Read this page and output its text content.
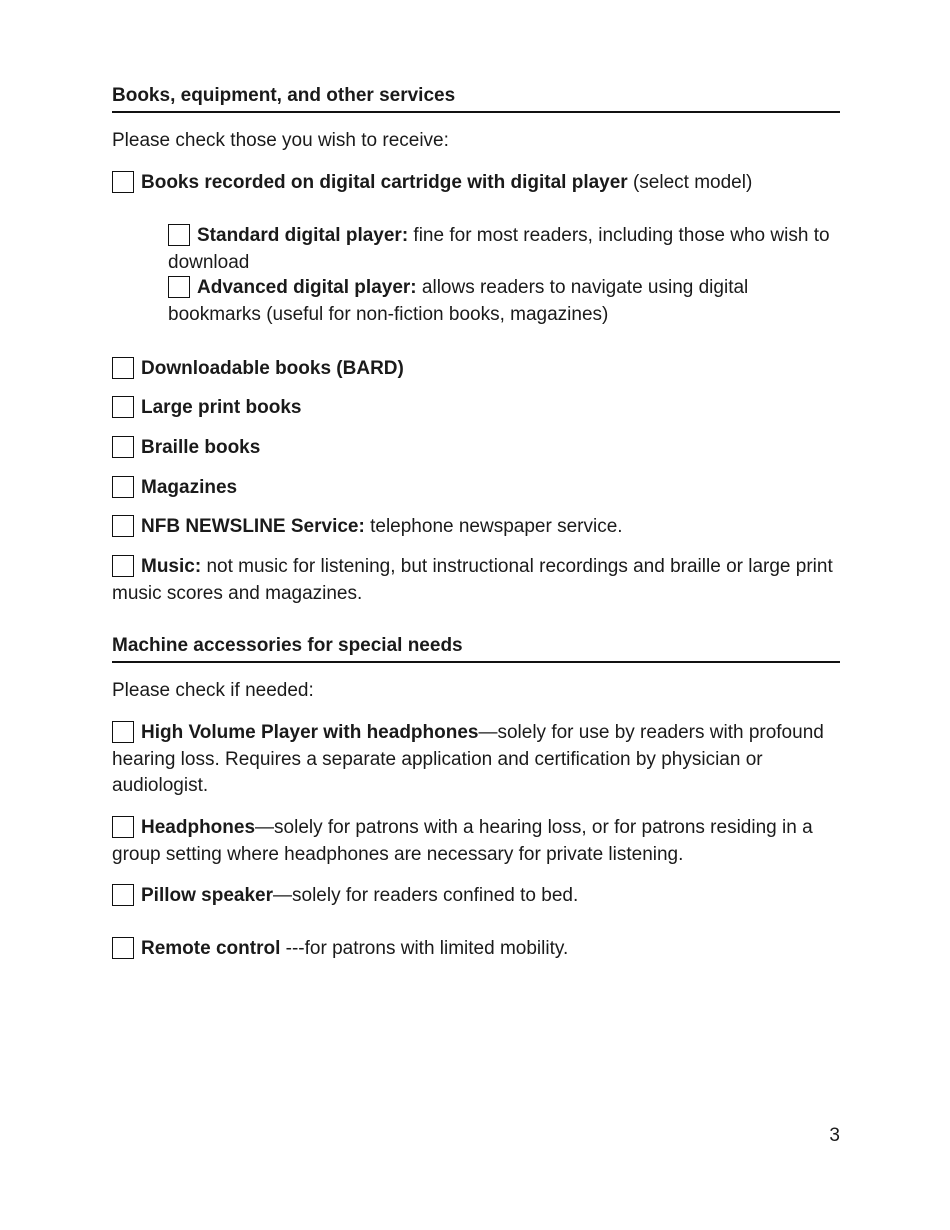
Books, equipment, and other services

Please check those you wish to receive:

Books recorded on digital cartridge with digital player (select model)

Standard digital player: fine for most readers, including those who wish to download

Advanced digital player: allows readers to navigate using digital bookmarks (useful for non-fiction books, magazines)

Downloadable books (BARD)

Large print books

Braille books

Magazines

NFB NEWSLINE Service: telephone newspaper service.

Music: not music for listening, but instructional recordings and braille or large print music scores and magazines.

Machine accessories for special needs

Please check if needed:

High Volume Player with headphones—solely for use by readers with profound hearing loss. Requires a separate application and certification by physician or audiologist.

Headphones—solely for patrons with a hearing loss, or for patrons residing in a group setting where headphones are necessary for private listening.

Pillow speaker—solely for readers confined to bed.

Remote control ---for patrons with limited mobility.

3
